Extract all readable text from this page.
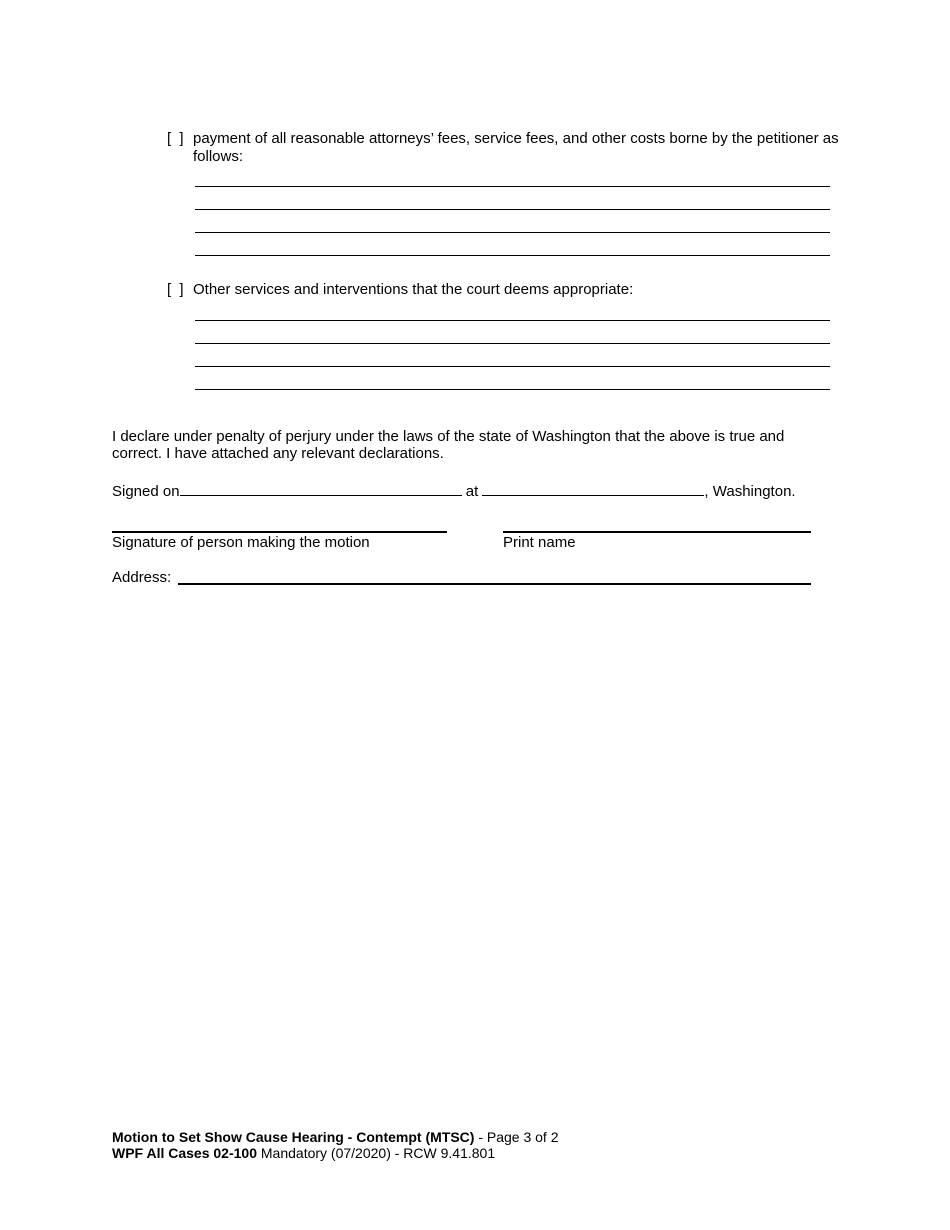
[ ] payment of all reasonable attorneys’ fees, service fees, and other costs borne by the petitioner as follows:
[ ] Other services and interventions that the court deems appropriate:
I declare under penalty of perjury under the laws of the state of Washington that the above is true and correct. I have attached any relevant declarations.
Signed on	at	, Washington.
Signature of person making the motion	Print name
Address:
Motion to Set Show Cause Hearing - Contempt (MTSC) - Page 3 of 2
WPF All Cases 02-100 Mandatory (07/2020) - RCW 9.41.801
